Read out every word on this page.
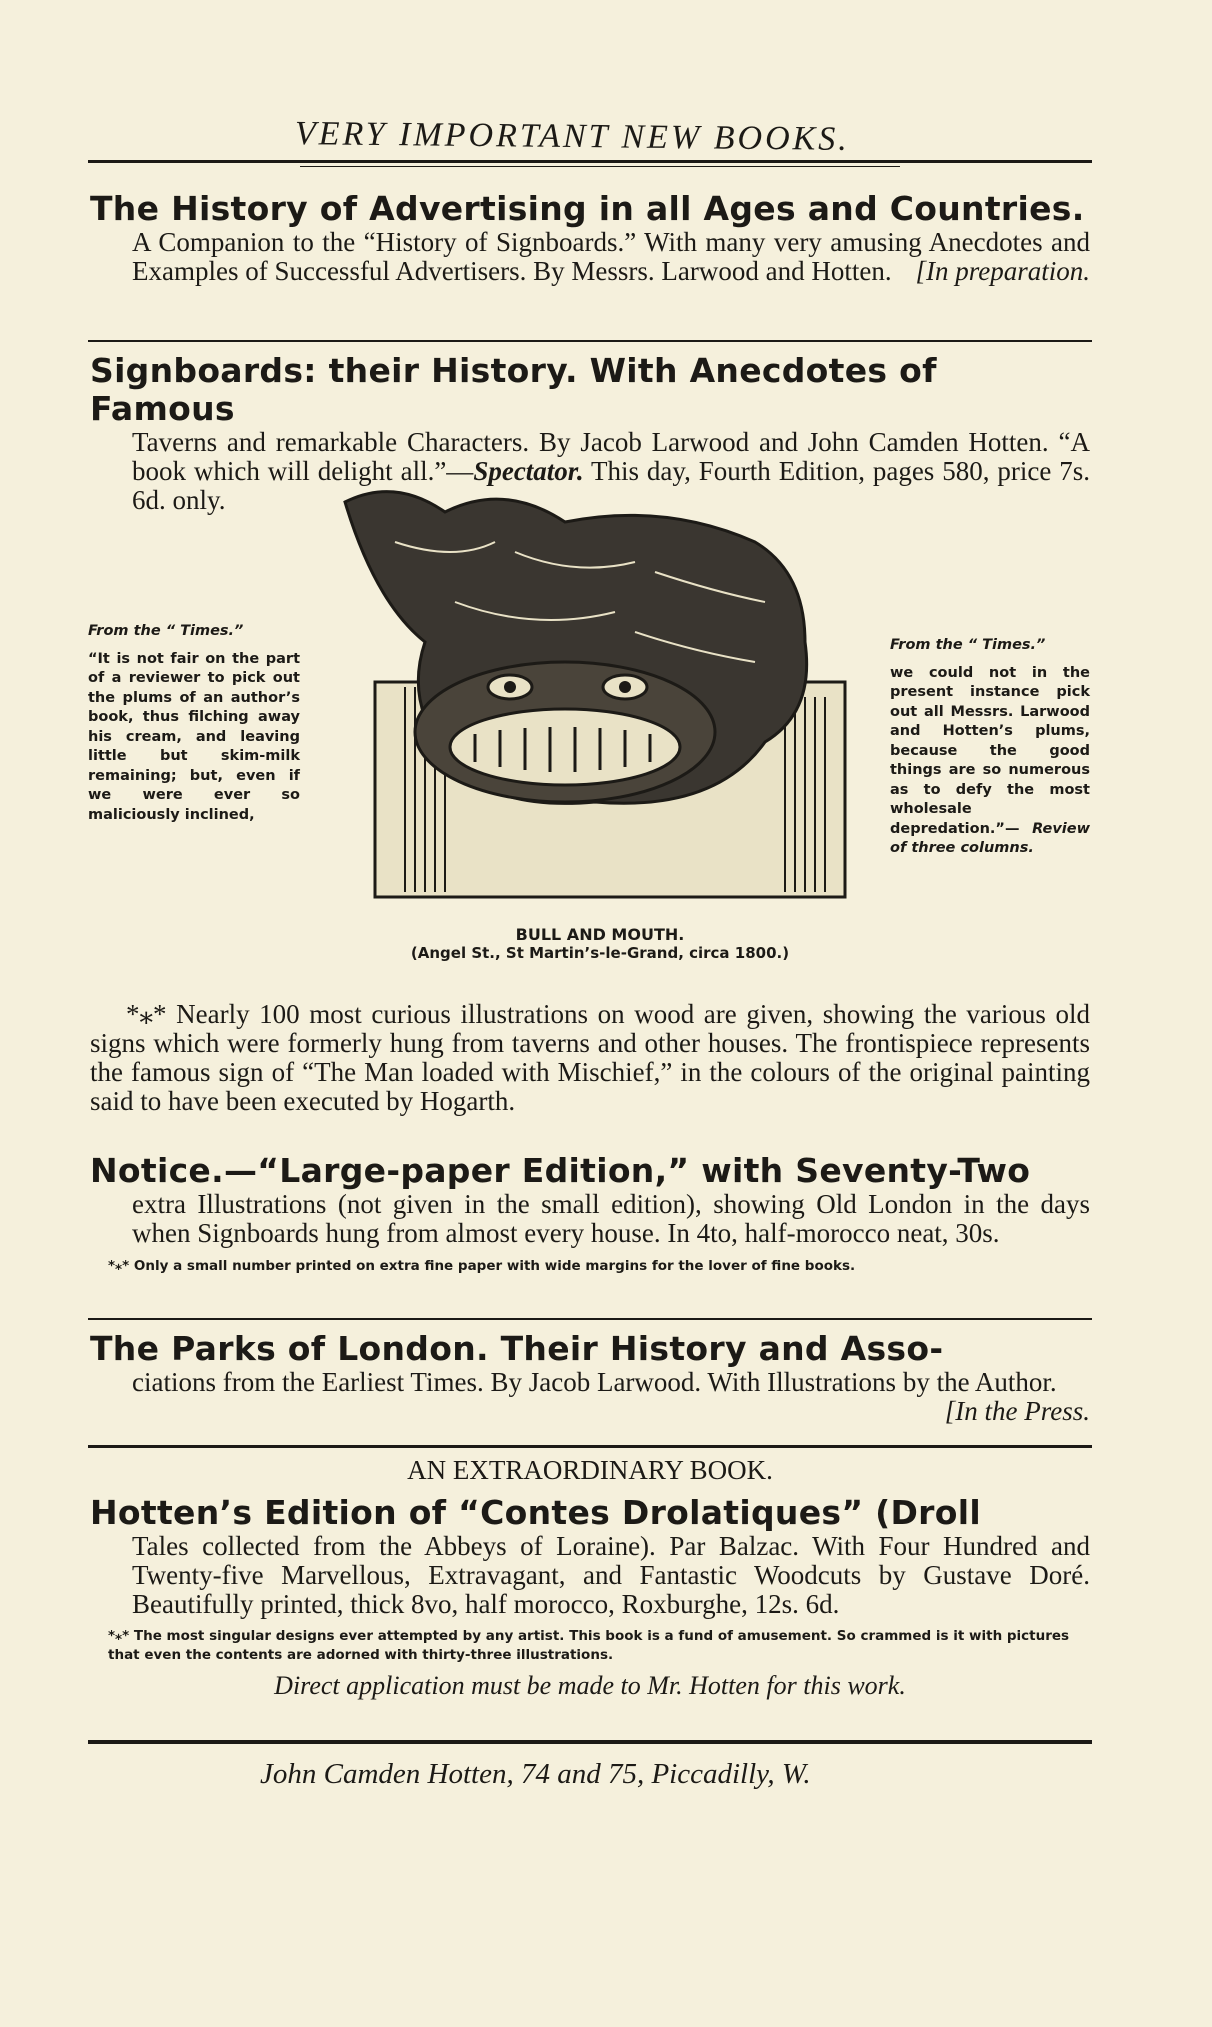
VERY IMPORTANT NEW BOOKS.
The History of Advertising in all Ages and Countries.
A Companion to the “History of Signboards.” With many very amusing Anecdotes and Examples of Successful Advertisers. By Messrs. Larwood and Hotten. [In preparation.
Signboards: their History. With Anecdotes of Famous
Taverns and remarkable Characters. By Jacob Larwood and John Camden Hotten. “A book which will delight all.”—Spectator. This day, Fourth Edition, pages 580, price 7s. 6d. only.
From the “ Times.”
“It is not fair on the part of a reviewer to pick out the plums of an author’s book, thus filching away his cream, and leaving little but skim-milk remaining; but, even if we were ever so maliciously inclined,
From the “ Times.”
we could not in the present instance pick out all Messrs. Larwood and Hotten’s plums, because the good things are so numerous as to defy the most wholesale depredation.”— Review of three columns.
BULL AND MOUTH.
(Angel St., St Martin’s-le-Grand, circa 1800.)
*⁎* Nearly 100 most curious illustrations on wood are given, showing the various old signs which were formerly hung from taverns and other houses. The frontispiece represents the famous sign of “The Man loaded with Mischief,” in the colours of the original painting said to have been executed by Hogarth.
Notice.—“Large-paper Edition,” with Seventy-Two
extra Illustrations (not given in the small edition), showing Old London in the days when Signboards hung from almost every house. In 4to, half-morocco neat, 30s.
*⁎* Only a small number printed on extra fine paper with wide margins for the lover of fine books.
The Parks of London. Their History and Asso-
ciations from the Earliest Times. By Jacob Larwood. With Illustrations by the Author.
[In the Press.
AN EXTRAORDINARY BOOK.
Hotten’s Edition of “Contes Drolatiques” (Droll
Tales collected from the Abbeys of Loraine). Par Balzac. With Four Hundred and Twenty-five Marvellous, Extravagant, and Fantastic Woodcuts by Gustave Doré. Beautifully printed, thick 8vo, half morocco, Roxburghe, 12s. 6d.
*⁎* The most singular designs ever attempted by any artist. This book is a fund of amusement. So crammed is it with pictures that even the contents are adorned with thirty-three illustrations.
Direct application must be made to Mr. Hotten for this work.
John Camden Hotten, 74 and 75, Piccadilly, W.
